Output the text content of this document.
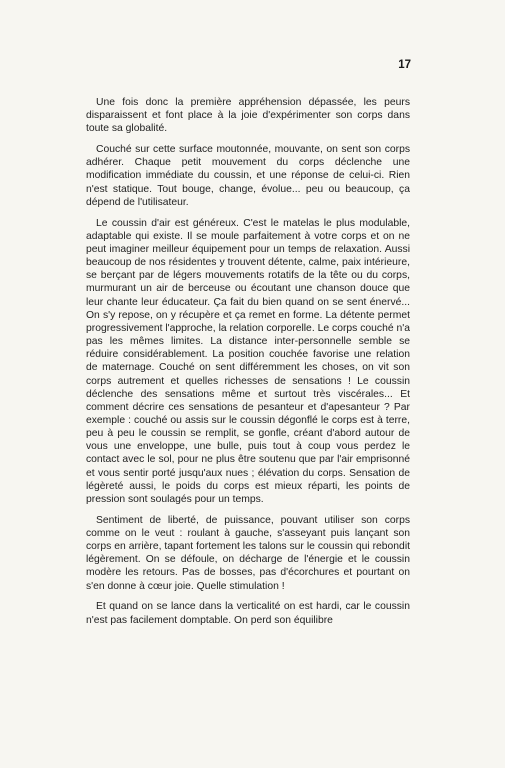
17

Une fois donc la première appréhension dépassée, les peurs disparaissent et font place à la joie d'expérimenter son corps dans toute sa globalité.

Couché sur cette surface moutonnée, mouvante, on sent son corps adhérer. Chaque petit mouvement du corps déclenche une modification immédiate du coussin, et une réponse de celui-ci. Rien n'est statique. Tout bouge, change, évolue... peu ou beaucoup, ça dépend de l'utilisateur.

Le coussin d'air est généreux. C'est le matelas le plus modulable, adaptable qui existe. Il se moule parfaitement à votre corps et on ne peut imaginer meilleur équipement pour un temps de relaxation. Aussi beaucoup de nos résidentes y trouvent détente, calme, paix intérieure, se berçant par de légers mouvements rotatifs de la tête ou du corps, murmurant un air de berceuse ou écoutant une chanson douce que leur chante leur éducateur. Ça fait du bien quand on se sent énervé... On s'y repose, on y récupère et ça remet en forme. La détente permet progressivement l'approche, la relation corporelle. Le corps couché n'a pas les mêmes limites. La distance inter-personnelle semble se réduire considérablement. La position couchée favorise une relation de maternage. Couché on sent différemment les choses, on vit son corps autrement et quelles richesses de sensations ! Le coussin déclenche des sensations même et surtout très viscérales... Et comment décrire ces sensations de pesanteur et d'apesanteur ? Par exemple : couché ou assis sur le coussin dégonflé le corps est à terre, peu à peu le coussin se remplit, se gonfle, créant d'abord autour de vous une enveloppe, une bulle, puis tout à coup vous perdez le contact avec le sol, pour ne plus être soutenu que par l'air emprisonné et vous sentir porté jusqu'aux nues ; élévation du corps. Sensation de légèreté aussi, le poids du corps est mieux réparti, les points de pression sont soulagés pour un temps.

Sentiment de liberté, de puissance, pouvant utiliser son corps comme on le veut : roulant à gauche, s'asseyant puis lançant son corps en arrière, tapant fortement les talons sur le coussin qui rebondit légèrement. On se défoule, on décharge de l'énergie et le coussin modère les retours. Pas de bosses, pas d'écorchures et pourtant on s'en donne à cœur joie. Quelle stimulation !

Et quand on se lance dans la verticalité on est hardi, car le coussin n'est pas facilement domptable. On perd son équilibre
